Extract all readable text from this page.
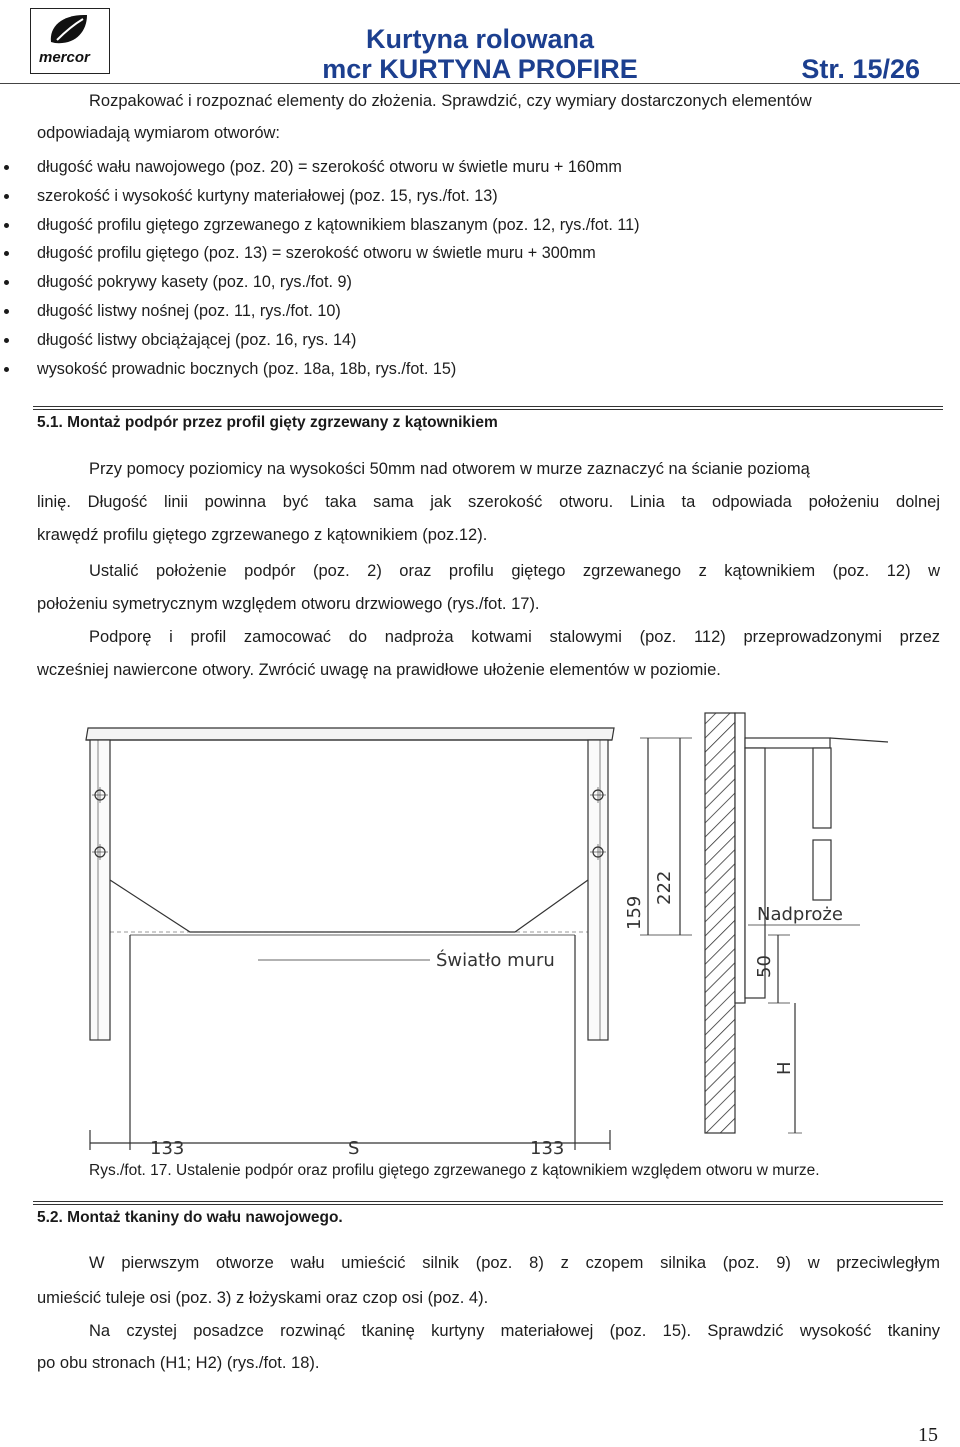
mercor
Kurtyna rolowana
mcr KURTYNA PROFIRE	Str. 15/26
Rozpakować i rozpoznać elementy do złożenia. Sprawdzić, czy wymiary dostarczonych elementów
odpowiadają wymiarom otworów:
długość wału nawojowego (poz. 20) = szerokość otworu w świetle muru + 160mm
szerokość i wysokość kurtyny materiałowej (poz. 15, rys./fot. 13)
długość profilu giętego zgrzewanego z kątownikiem blaszanym (poz. 12, rys./fot. 11)
długość profilu giętego (poz. 13) = szerokość otworu w świetle muru + 300mm
długość pokrywy kasety (poz. 10, rys./fot. 9)
długość listwy nośnej (poz. 11, rys./fot. 10)
długość listwy obciążającej (poz. 16, rys. 14)
wysokość prowadnic bocznych (poz. 18a, 18b, rys./fot. 15)
5.1. Montaż podpór przez profil gięty zgrzewany z kątownikiem
Przy pomocy poziomicy na wysokości 50mm nad otworem w murze zaznaczyć na ścianie poziomą
linię. Długość linii powinna być taka sama jak szerokość otworu. Linia ta odpowiada położeniu dolnej
krawędź profilu giętego zgrzewanego z kątownikiem (poz.12).
Ustalić położenie podpór (poz. 2) oraz profilu giętego zgrzewanego z kątownikiem (poz. 12) w
położeniu symetrycznym względem otworu drzwiowego (rys./fot. 17).
Podporę i profil zamocować do nadproża kotwami stalowymi (poz. 112) przeprowadzonymi przez
wcześniej nawiercone otwory. Zwrócić uwagę na prawidłowe ułożenie elementów w poziomie.
Światło muru
Nadproże
133	S	133
222
159
50
H
Rys./fot. 17. Ustalenie podpór oraz profilu giętego zgrzewanego z kątownikiem względem otworu w murze.
5.2. Montaż tkaniny do wału nawojowego.
W pierwszym otworze wału umieścić silnik (poz. 8) z czopem silnika (poz. 9) w przeciwległym
umieścić tuleje osi (poz. 3) z łożyskami oraz czop osi (poz. 4).
Na czystej posadzce rozwinąć tkaninę kurtyny materiałowej (poz. 15). Sprawdzić wysokość tkaniny
po obu stronach (H1; H2) (rys./fot. 18).
15
